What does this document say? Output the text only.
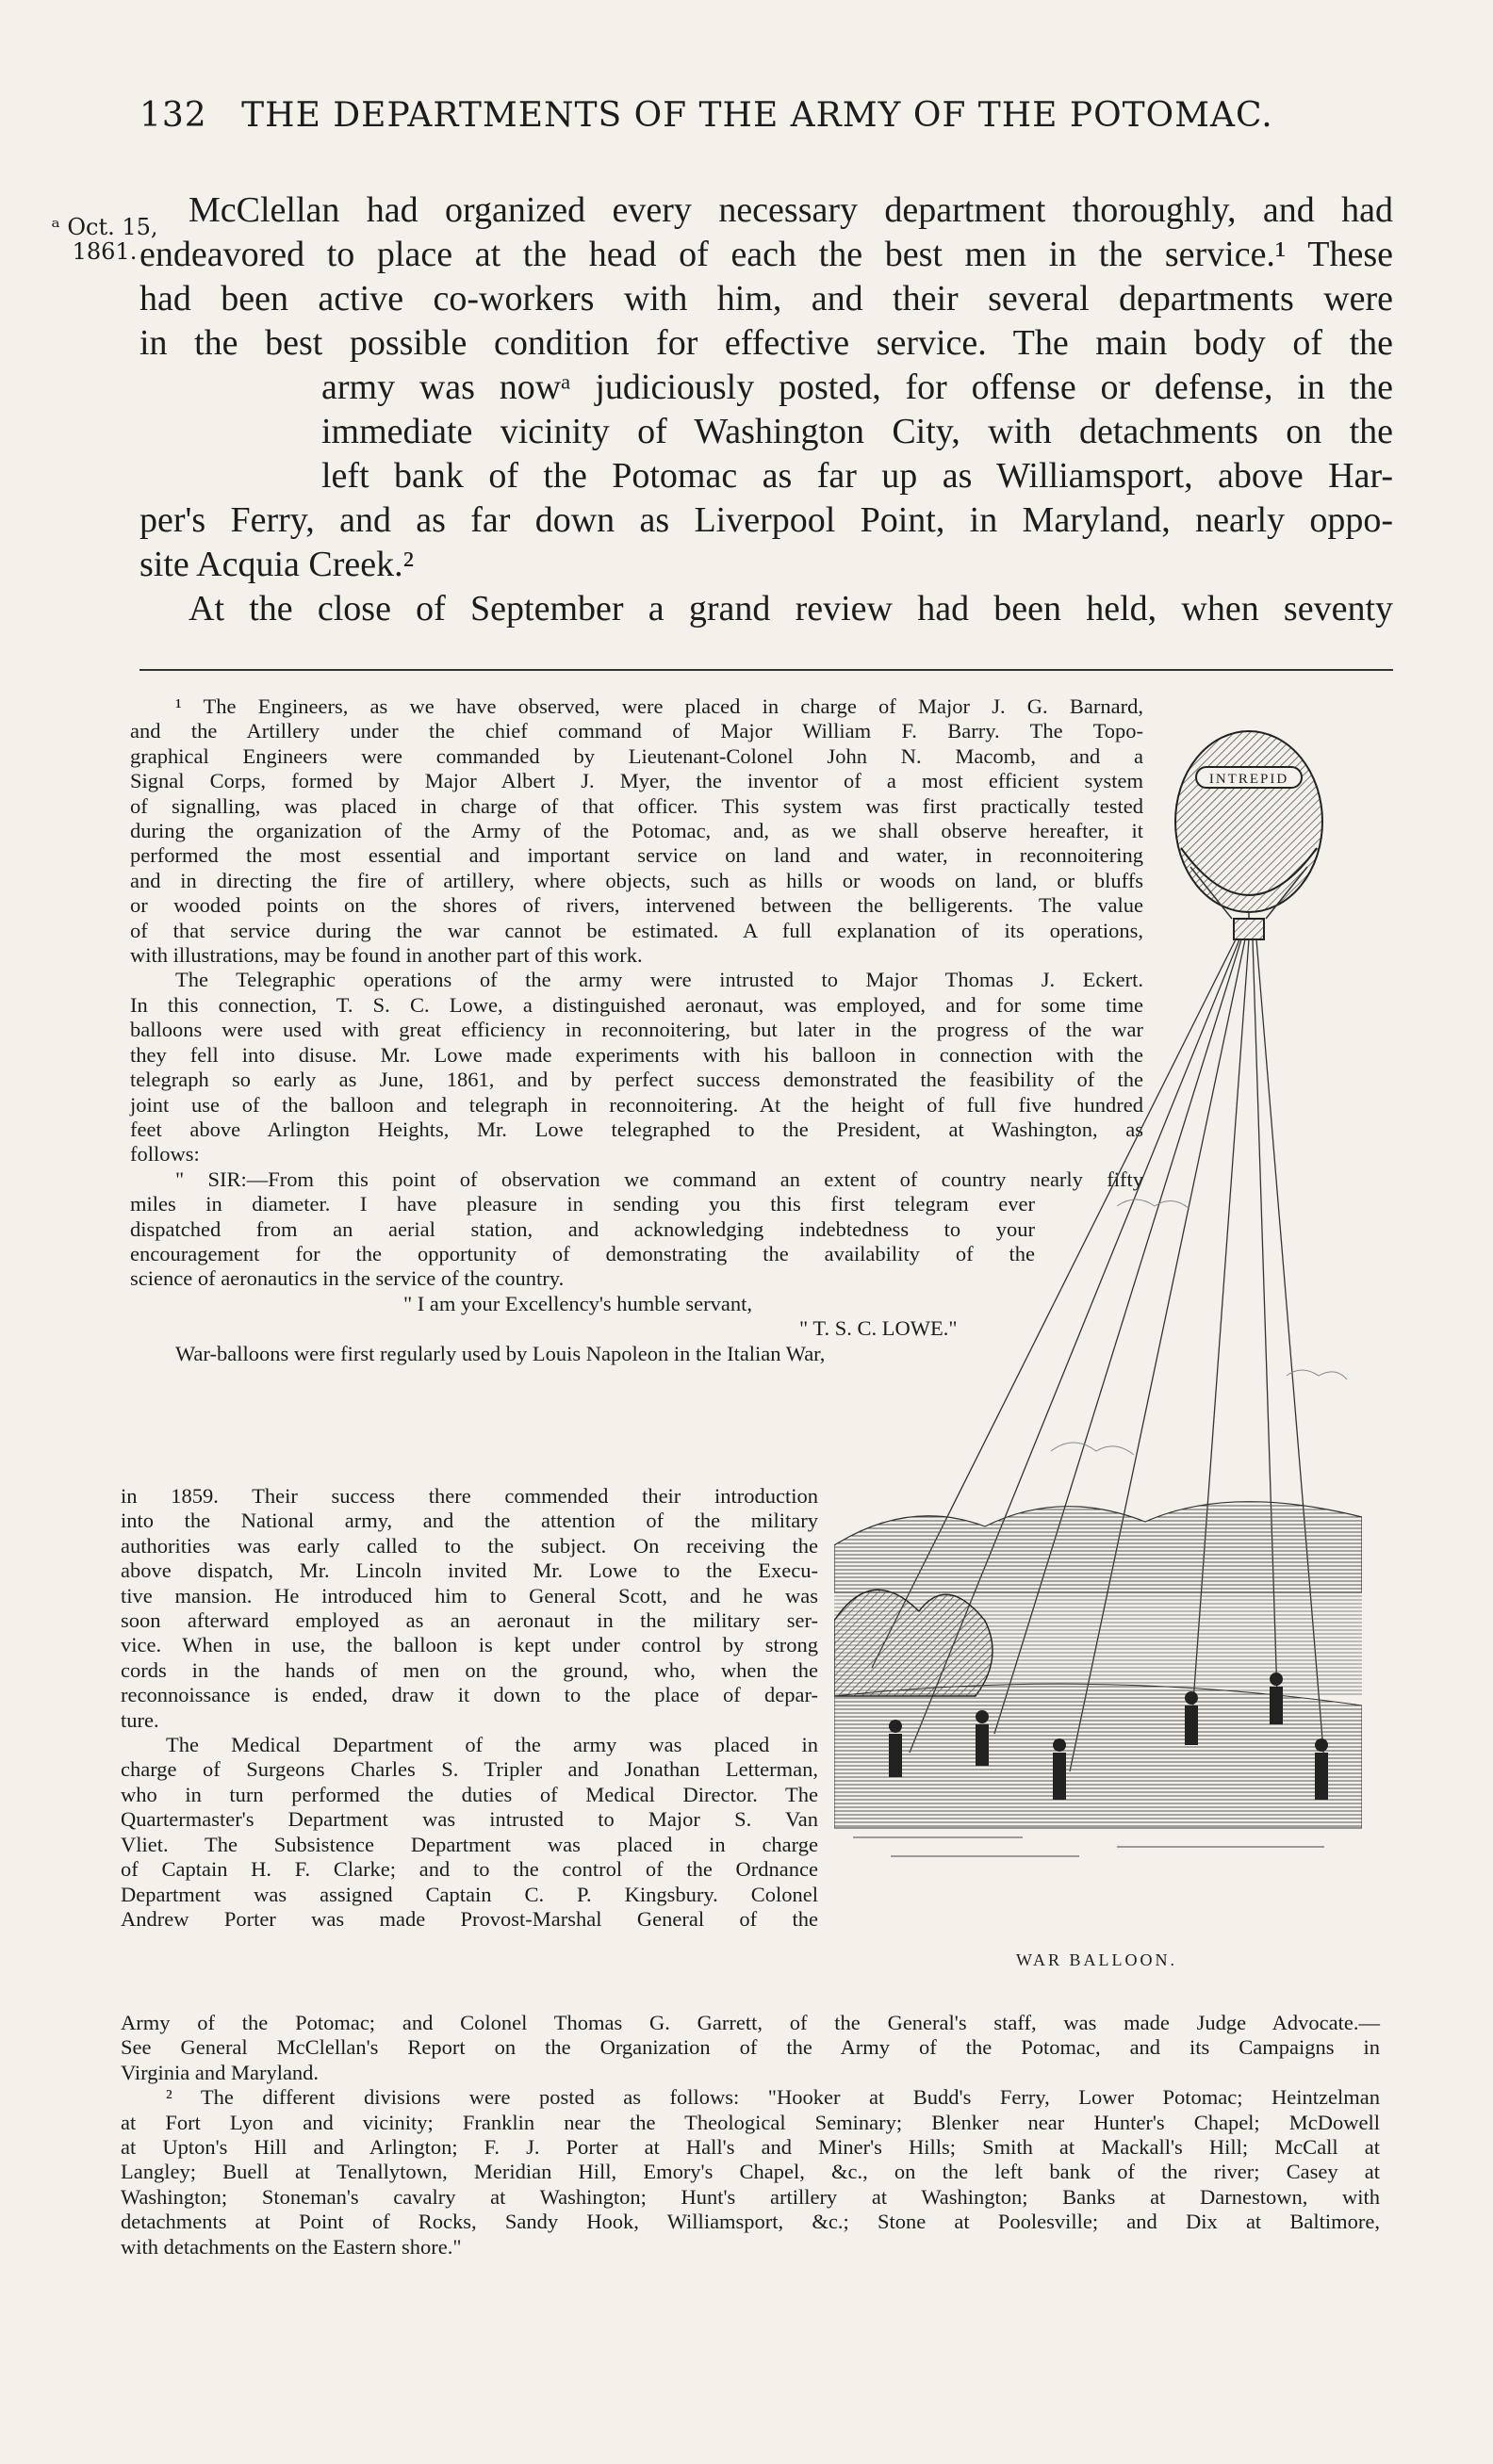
132 THE DEPARTMENTS OF THE ARMY OF THE POTOMAC.
McClellan had organized every necessary department thoroughly, and had
endeavored to place at the head of each the best men in the service.¹ These
had been active co-workers with him, and their several departments were
in the best possible condition for effective service. The main body of the
army was nowᵃ judiciously posted, for offense or defense, in the
immediate vicinity of Washington City, with detachments on the
left bank of the Potomac as far up as Williamsport, above Har-
per's Ferry, and as far down as Liverpool Point, in Maryland, nearly oppo-
site Acquia Creek.²
At the close of September a grand review had been held, when seventy
ᵃ Oct. 15,
1861.
¹ The Engineers, as we have observed, were placed in charge of Major J. G. Barnard,
and the Artillery under the chief command of Major William F. Barry. The Topo-
graphical Engineers were commanded by Lieutenant-Colonel John N. Macomb, and a
Signal Corps, formed by Major Albert J. Myer, the inventor of a most efficient system
of signalling, was placed in charge of that officer. This system was first practically tested
during the organization of the Army of the Potomac, and, as we shall observe hereafter, it
performed the most essential and important service on land and water, in reconnoitering
and in directing the fire of artillery, where objects, such as hills or woods on land, or bluffs
or wooded points on the shores of rivers, intervened between the belligerents. The value
of that service during the war cannot be estimated. A full explanation of its operations,
with illustrations, may be found in another part of this work.
The Telegraphic operations of the army were intrusted to Major Thomas J. Eckert.
In this connection, T. S. C. Lowe, a distinguished aeronaut, was employed, and for some time
balloons were used with great efficiency in reconnoitering, but later in the progress of the war
they fell into disuse. Mr. Lowe made experiments with his balloon in connection with the
telegraph so early as June, 1861, and by perfect success demonstrated the feasibility of the
joint use of the balloon and telegraph in reconnoitering. At the height of full five hundred
feet above Arlington Heights, Mr. Lowe telegraphed to the President, at Washington, as
follows:
" SIR:—From this point of observation we command an extent of country nearly fifty
miles in diameter. I have pleasure in sending you this first telegram ever
dispatched from an aerial station, and acknowledging indebtedness to your
encouragement for the opportunity of demonstrating the availability of the
science of aeronautics in the service of the country.
" I am your Excellency's humble servant,
" T. S. C. LOWE."
War-balloons were first regularly used by Louis Napoleon in the Italian War,
in 1859. Their success there commended their introduction
into the National army, and the attention of the military
authorities was early called to the subject. On receiving the
above dispatch, Mr. Lincoln invited Mr. Lowe to the Execu-
tive mansion. He introduced him to General Scott, and he was
soon afterward employed as an aeronaut in the military ser-
vice. When in use, the balloon is kept under control by strong
cords in the hands of men on the ground, who, when the
reconnoissance is ended, draw it down to the place of depar-
ture.
The Medical Department of the army was placed in
charge of Surgeons Charles S. Tripler and Jonathan Letterman,
who in turn performed the duties of Medical Director. The
Quartermaster's Department was intrusted to Major S. Van
Vliet. The Subsistence Department was placed in charge
of Captain H. F. Clarke; and to the control of the Ordnance
Department was assigned Captain C. P. Kingsbury. Colonel
Andrew Porter was made Provost-Marshal General of the
Army of the Potomac; and Colonel Thomas G. Garrett, of the General's staff, was made Judge Advocate.—
See General McClellan's Report on the Organization of the Army of the Potomac, and its Campaigns in
Virginia and Maryland.
² The different divisions were posted as follows: "Hooker at Budd's Ferry, Lower Potomac; Heintzelman
at Fort Lyon and vicinity; Franklin near the Theological Seminary; Blenker near Hunter's Chapel; McDowell
at Upton's Hill and Arlington; F. J. Porter at Hall's and Miner's Hills; Smith at Mackall's Hill; McCall at
Langley; Buell at Tenallytown, Meridian Hill, Emory's Chapel, &c., on the left bank of the river; Casey at
Washington; Stoneman's cavalry at Washington; Hunt's artillery at Washington; Banks at Darnestown, with
detachments at Point of Rocks, Sandy Hook, Williamsport, &c.; Stone at Poolesville; and Dix at Baltimore,
with detachments on the Eastern shore."
INTREPID
WAR BALLOON.
